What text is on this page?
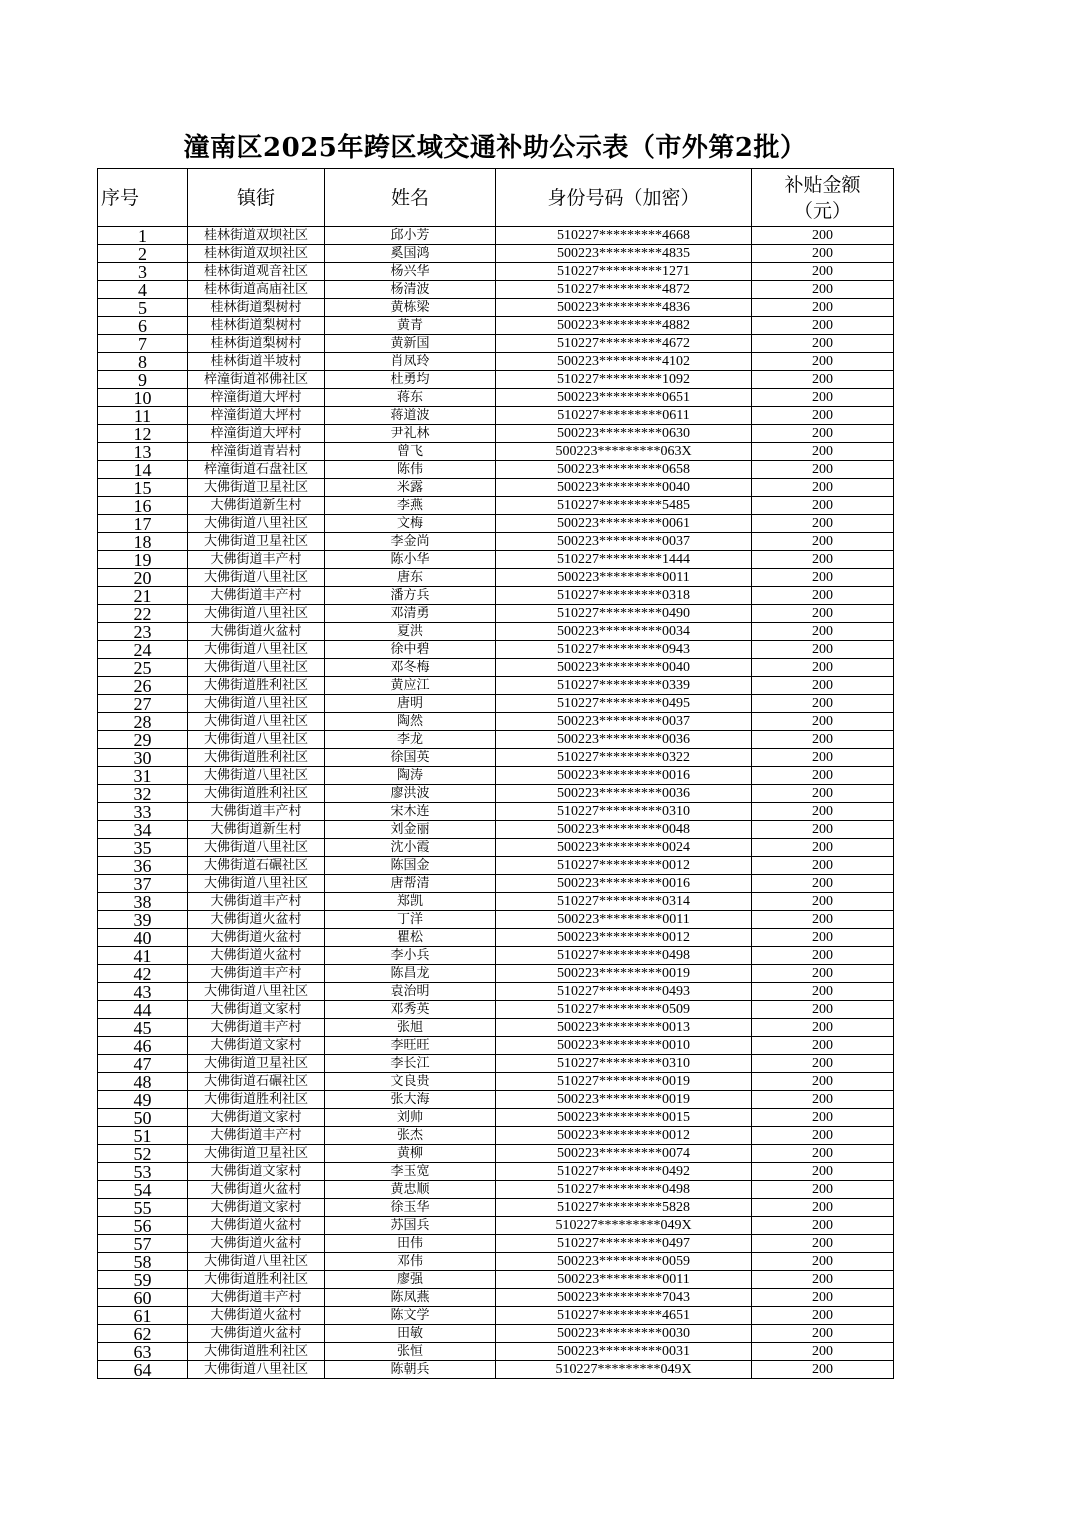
潼南区2025年跨区域交通补助公示表（市外第2批）
序号	镇街	姓名	身份号码（加密）	补贴金额
（元）
1	桂林街道双坝社区	邱小芳	510227*********4668	200
2	桂林街道双坝社区	奚国鸿	500223*********4835	200
3	桂林街道观音社区	杨兴华	510227*********1271	200
4	桂林街道高庙社区	杨清波	510227*********4872	200
5	桂林街道梨树村	黄栋梁	500223*********4836	200
6	桂林街道梨树村	黄青	500223*********4882	200
7	桂林街道梨树村	黄新国	510227*********4672	200
8	桂林街道半坡村	肖凤玲	500223*********4102	200
9	梓潼街道祁佛社区	杜勇均	510227*********1092	200
10	梓潼街道大坪村	蒋东	500223*********0651	200
11	梓潼街道大坪村	蒋道波	510227*********0611	200
12	梓潼街道大坪村	尹礼林	500223*********0630	200
13	梓潼街道青岩村	曾飞	500223*********063X	200
14	梓潼街道石盘社区	陈伟	500223*********0658	200
15	大佛街道卫星社区	米露	500223*********0040	200
16	大佛街道新生村	李燕	510227*********5485	200
17	大佛街道八里社区	文梅	500223*********0061	200
18	大佛街道卫星社区	李金尚	500223*********0037	200
19	大佛街道丰产村	陈小华	510227*********1444	200
20	大佛街道八里社区	唐东	500223*********0011	200
21	大佛街道丰产村	潘方兵	510227*********0318	200
22	大佛街道八里社区	邓清勇	510227*********0490	200
23	大佛街道火盆村	夏洪	500223*********0034	200
24	大佛街道八里社区	徐中碧	510227*********0943	200
25	大佛街道八里社区	邓冬梅	500223*********0040	200
26	大佛街道胜利社区	黄应江	510227*********0339	200
27	大佛街道八里社区	唐明	510227*********0495	200
28	大佛街道八里社区	陶然	500223*********0037	200
29	大佛街道八里社区	李龙	500223*********0036	200
30	大佛街道胜利社区	徐国英	510227*********0322	200
31	大佛街道八里社区	陶涛	500223*********0016	200
32	大佛街道胜利社区	廖洪波	500223*********0036	200
33	大佛街道丰产村	宋木连	510227*********0310	200
34	大佛街道新生村	刘金丽	500223*********0048	200
35	大佛街道八里社区	沈小霞	500223*********0024	200
36	大佛街道石碾社区	陈国金	510227*********0012	200
37	大佛街道八里社区	唐帮清	500223*********0016	200
38	大佛街道丰产村	郑凯	510227*********0314	200
39	大佛街道火盆村	丁洋	500223*********0011	200
40	大佛街道火盆村	瞿松	500223*********0012	200
41	大佛街道火盆村	李小兵	510227*********0498	200
42	大佛街道丰产村	陈昌龙	500223*********0019	200
43	大佛街道八里社区	袁治明	510227*********0493	200
44	大佛街道文家村	邓秀英	510227*********0509	200
45	大佛街道丰产村	张旭	500223*********0013	200
46	大佛街道文家村	李旺旺	500223*********0010	200
47	大佛街道卫星社区	李长江	510227*********0310	200
48	大佛街道石碾社区	文良贵	510227*********0019	200
49	大佛街道胜利社区	张大海	500223*********0019	200
50	大佛街道文家村	刘帅	500223*********0015	200
51	大佛街道丰产村	张杰	500223*********0012	200
52	大佛街道卫星社区	黄柳	500223*********0074	200
53	大佛街道文家村	李玉宽	510227*********0492	200
54	大佛街道火盆村	黄忠顺	510227*********0498	200
55	大佛街道文家村	徐玉华	510227*********5828	200
56	大佛街道火盆村	苏国兵	510227*********049X	200
57	大佛街道火盆村	田伟	510227*********0497	200
58	大佛街道八里社区	邓伟	500223*********0059	200
59	大佛街道胜利社区	廖强	500223*********0011	200
60	大佛街道丰产村	陈凤燕	500223*********7043	200
61	大佛街道火盆村	陈文学	510227*********4651	200
62	大佛街道火盆村	田敏	500223*********0030	200
63	大佛街道胜利社区	张恒	500223*********0031	200
64	大佛街道八里社区	陈朝兵	510227*********049X	200
